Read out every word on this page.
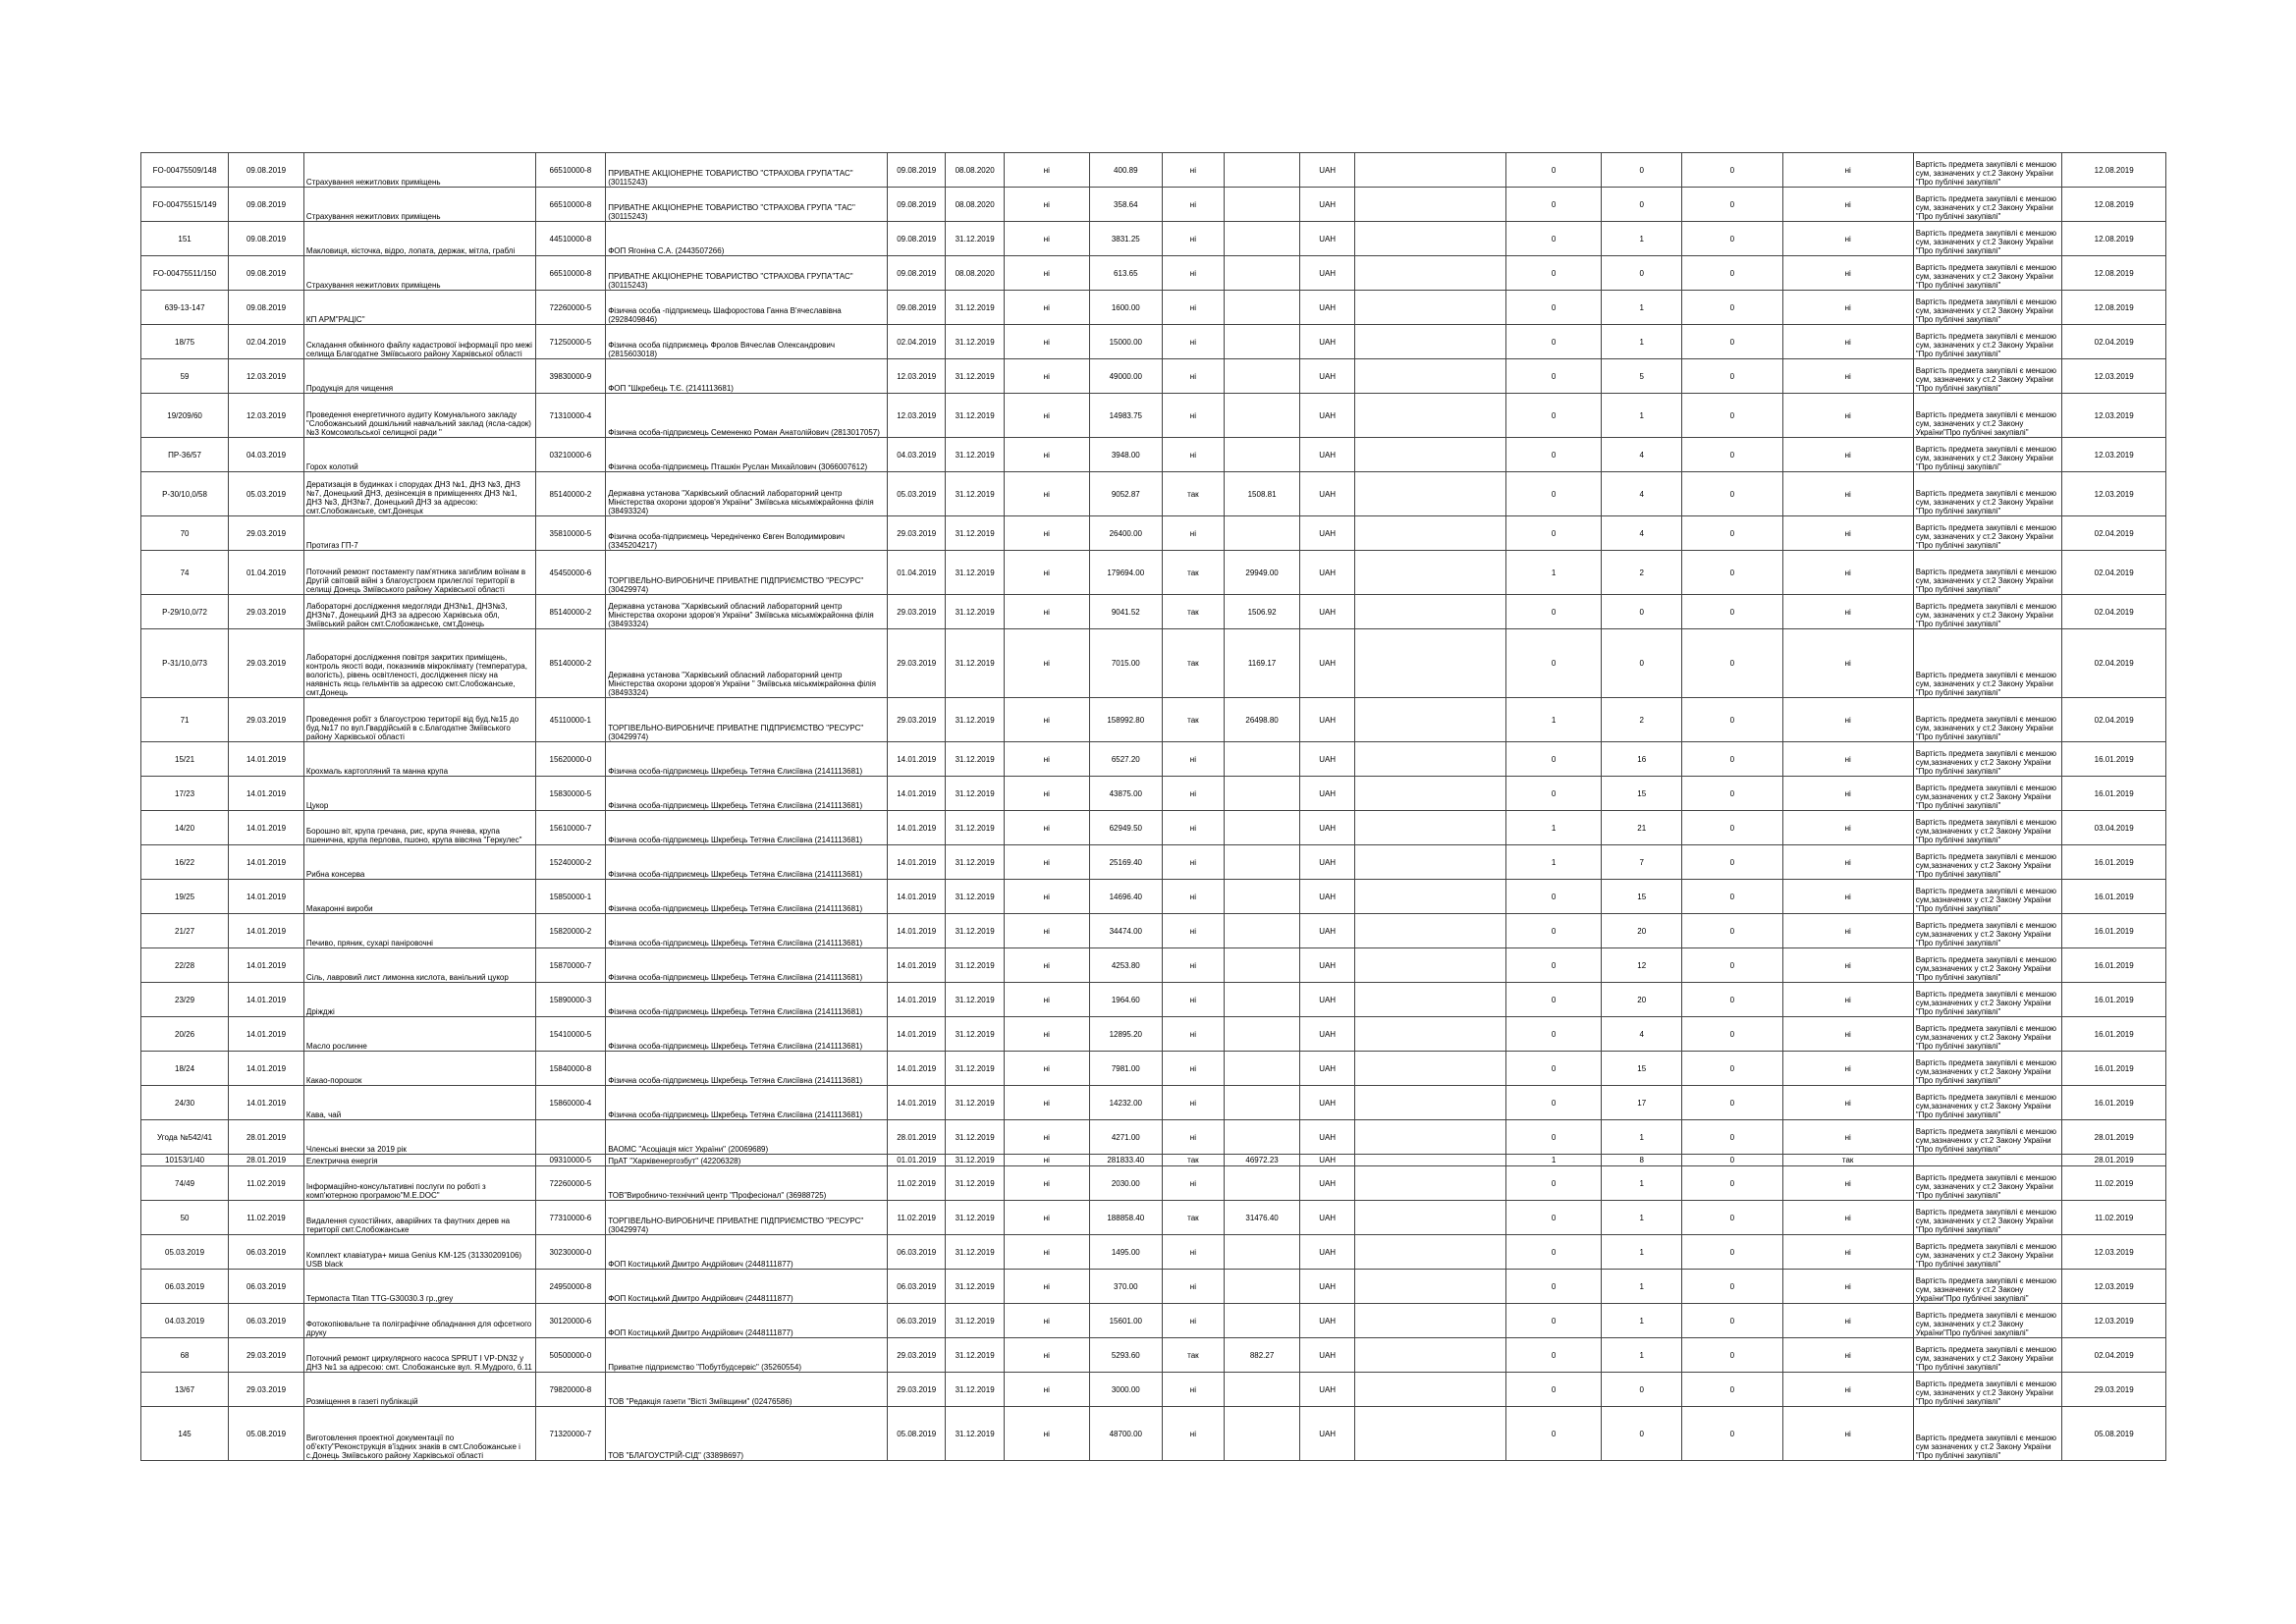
FO-00475509/148	09.08.2019	Страхування нежитлових приміщень	66510000-8	ПРИВАТНЕ АКЦІОНЕРНЕ ТОВАРИСТВО "СТРАХОВА ГРУПА"ТАС" (30115243)	09.08.2019	08.08.2020	ні	400.89	ні		UAH		0	0	0	ні	Вартість предмета закупівлі є меншою сум, зазначених у ст.2 Закону України "Про публічні закупівлі"	12.08.2019
FO-00475515/149	09.08.2019	Страхування нежитлових приміщень	66510000-8	ПРИВАТНЕ АКЦІОНЕРНЕ ТОВАРИСТВО "СТРАХОВА ГРУПА "ТАС" (30115243)	09.08.2019	08.08.2020	ні	358.64	ні		UAH		0	0	0	ні	Вартість предмета закупівлі є меншою сум, зазначених у ст.2 Закону України "Про публічні закупівлі"	12.08.2019
151	09.08.2019	Мaкловиця, кісточка, відро, лопата, держак, мітла, граблі	44510000-8	ФОП Ягоніна С.А. (2443507266)	09.08.2019	31.12.2019	ні	3831.25	ні		UAH		0	1	0	ні	Вартість предмета закупівлі є меншою сум, зазначених у ст.2 Закону України "Про публічні закупівлі"	12.08.2019
FO-00475511/150	09.08.2019	Страхування нежитлових приміщень	66510000-8	ПРИВАТНЕ АКЦІОНЕРНЕ ТОВАРИСТВО "СТРАХОВА ГРУПА"ТАС" (30115243)	09.08.2019	08.08.2020	ні	613.65	ні		UAH		0	0	0	ні	Вартість предмета закупівлі є меншою сум, зазначених у ст.2 Закону України "Про публічні закупівлі"	12.08.2019
639-13-147	09.08.2019	КП АРМ"РАЦІС"	72260000-5	Фізична особа -підприємець Шафоростова Ганна В'ячеславівна (2928409846)	09.08.2019	31.12.2019	ні	1600.00	ні		UAH		0	1	0	ні	Вартість предмета закупівлі є меншою сум, зазначених у ст.2 Закону України "Про публічні закупівлі"	12.08.2019
18/75	02.04.2019	Складання обмінного файлу кадастрової інформації про межі селища Благодатне Зміївського району Харківської області	71250000-5	Фізична особа підприємець Фролов Вячеслав Олександрович (2815603018)	02.04.2019	31.12.2019	ні	15000.00	ні		UAH		0	1	0	ні	Вартість предмета закупівлі є меншою сум, зазначених у ст.2 Закону України "Про публічні закупівлі"	02.04.2019
59	12.03.2019	Продукція для чищення	39830000-9	ФОП "Шкребець Т.Є. (2141113681)	12.03.2019	31.12.2019	ні	49000.00	ні		UAH		0	5	0	ні	Вартість предмета закупівлі є меншою сум, зазначених у ст.2 Закону України "Про публічні закупівлі"	12.03.2019
19/209/60	12.03.2019	Проведення енергетичного аудиту Комунального закладу "Слобожанський дошкільний навчальний заклад (ясла-садок) №3 Комсомольської селищної ради "	71310000-4	Фізична особа-підприємець Семененко Роман Анатолійович (2813017057)	12.03.2019	31.12.2019	ні	14983.75	ні		UAH		0	1	0	ні	Вартість предмета закупівлі є меншою сум, зазначених у ст.2 Закону України"Про публічні закупівлі"	12.03.2019
ПР-36/57	04.03.2019	Горох колотий	03210000-6	Фізична особа-підприємець Пташкін Руслан Михайлович (3066007612)	04.03.2019	31.12.2019	ні	3948.00	ні		UAH		0	4	0	ні	Вартість предмета закупівлі є меншою сум, зазначених у ст.2 Закону України "Про публінці закупівлі"	12.03.2019
Р-30/10,0/58	05.03.2019	Дератизація в будинках і спорудах ДНЗ №1, ДНЗ №3, ДНЗ №7, Донецький ДНЗ, дезінсекція в приміщеннях ДНЗ №1, ДНЗ №3, ДНЗ№7, Донецький ДНЗ за адресою: смт.Слобожанське, смт.Донецьк	85140000-2	Державна установа "Харківський обласний лабораторний центр Міністерства охорони здоров'я України" Зміївська міськміжрайонна філія (38493324)	05.03.2019	31.12.2019	ні	9052.87	так	1508.81	UAH		0	4	0	ні	Вартість предмета закупівлі є меншою сум, зазначених у ст.2 Закону України "Про публічні закупівлі"	12.03.2019
70	29.03.2019	Протигаз ГП-7	35810000-5	Фізична особа-підприємець Чередніченко Євген Володимирович (3345204217)	29.03.2019	31.12.2019	ні	26400.00	ні		UAH		0	4	0	ні	Вартість предмета закупівлі є меншою сум, зазначених у ст.2 Закону України "Про публічні закупівлі"	02.04.2019
74	01.04.2019	Поточний ремонт постаменту пам'ятника загиблим воїнам в Другій світовій війні з благоустроєм прилеглої території в селищі Донець Зміївського району Харківської області	45450000-6	ТОРГІВЕЛЬНО-ВИРОБНИЧЕ ПРИВАТНЕ ПІДПРИЄМСТВО "РЕСУРС" (30429974)	01.04.2019	31.12.2019	ні	179694.00	так	29949.00	UAH		1	2	0	ні	Вартість предмета закупівлі є меншою сум, зазначених у ст.2 Закону України "Про публічні закупівлі"	02.04.2019
Р-29/10,0/72	29.03.2019	Лабораторні дослідження медогляди ДНЗ№1, ДНЗ№3, ДНЗ№7, Донецький ДНЗ за адресою Харківська обл, Зміївський район смт.Слобожанське, смт.Донець	85140000-2	Державна установа "Харківський обласний лабораторний центр Міністерства охорони здоров'я України" Зміївська міськміжрайонна філія (38493324)	29.03.2019	31.12.2019	ні	9041.52	так	1506.92	UAH		0	0	0	ні	Вартість предмета закупівлі є меншою сум, зазначених у ст.2 Закону України "Про публічні закупівлі"	02.04.2019
Р-31/10,0/73	29.03.2019	Лабораторні дослідження повітря закритих приміщень, контроль якості води, показників мікроклімату (температура, вологість), рівень освітленості, дослідження піску на наявність яєць гельмінтів за адресою смт.Слобожанське, смт.Донець	85140000-2	Державна установа "Харківський обласний лабораторний центр Міністерства охорони здоров'я України " Зміївська міськміжрайонна філія (38493324)	29.03.2019	31.12.2019	ні	7015.00	так	1169.17	UAH		0	0	0	ні	Вартість предмета закупівлі є меншою сум, зазначених у ст.2 Закону України "Про публічні закупівлі"	02.04.2019
71	29.03.2019	Проведення робіт з благоустрою території від буд.№15 до буд.№17 по вул.Гвардійській в с.Благодатне Зміївського району Харківської області	45110000-1	ТОРГІВЕЛЬНО-ВИРОБНИЧЕ ПРИВАТНЕ ПІДПРИЄМСТВО "РЕСУРС" (30429974)	29.03.2019	31.12.2019	ні	158992.80	так	26498.80	UAH		1	2	0	ні	Вартість предмета закупівлі є меншою сум, зазначених у ст.2 Закону України "Про публічні закупівлі"	02.04.2019
15/21	14.01.2019	Крохмаль картопляний та манна крупа	15620000-0	Фізична особа-підприємець Шкребець Тетяна Єлисіївна (2141113681)	14.01.2019	31.12.2019	ні	6527.20	ні		UAH		0	16	0	ні	Вартість предмета закупівлі є меншою сум,зазначених у ст.2 Закону України "Про публічні закупівлі"	16.01.2019
17/23	14.01.2019	Цукор	15830000-5	Фізична особа-підприємець Шкребець Тетяна Єлисіївна (2141113681)	14.01.2019	31.12.2019	ні	43875.00	ні		UAH		0	15	0	ні	Вартість предмета закупівлі є меншою сум,зазначених у ст.2 Закону України "Про публічні закупівлі"	16.01.2019
14/20	14.01.2019	Борошно віт, крупа гречана, рис, крупа ячнева, крупа пшенична, крупа перлова, пшоно, крупа вівсяна "Геркулес"	15610000-7	Фізична особа-підприємець Шкребець Тетяна Єлисіївна (2141113681)	14.01.2019	31.12.2019	ні	62949.50	ні		UAH		1	21	0	ні	Вартість предмета закупівлі є меншою сум,зазначених у ст.2 Закону України "Про публічні закупівлі"	03.04.2019
16/22	14.01.2019	Рибна консерва	15240000-2	Фізична особа-підприємець Шкребець Тетяна Єлисіївна (2141113681)	14.01.2019	31.12.2019	ні	25169.40	ні		UAH		1	7	0	ні	Вартість предмета закупівлі є меншою сум,зазначених у ст.2 Закону України "Про публічні закупівлі"	16.01.2019
19/25	14.01.2019	Макаронні вироби	15850000-1	Фізична особа-підприємець Шкребець Тетяна Єлисіївна (2141113681)	14.01.2019	31.12.2019	ні	14696.40	ні		UAH		0	15	0	ні	Вартість предмета закупівлі є меншою сум,зазначених у ст.2 Закону України "Про публічні закупівлі"	16.01.2019
21/27	14.01.2019	Печиво, пряник, сухарі паніровочні	15820000-2	Фізична особа-підприємець Шкребець Тетяна Єлисіївна (2141113681)	14.01.2019	31.12.2019	ні	34474.00	ні		UAH		0	20	0	ні	Вартість предмета закупівлі є меншою сум,зазначених у ст.2 Закону України "Про публічні закупівлі"	16.01.2019
22/28	14.01.2019	Сіль, лавровий лист лимонна кислота, ванільний цукор	15870000-7	Фізична особа-підприємець Шкребець Тетяна Єлисіївна (2141113681)	14.01.2019	31.12.2019	ні	4253.80	ні		UAH		0	12	0	ні	Вартість предмета закупівлі є меншою сум,зазначених у ст.2 Закону України "Про публічні закупівлі"	16.01.2019
23/29	14.01.2019	Дріжджі	15890000-3	Фізична особа-підприємець Шкребець Тетяна Єлисіївна (2141113681)	14.01.2019	31.12.2019	ні	1964.60	ні		UAH		0	20	0	ні	Вартість предмета закупівлі є меншою сум,зазначених у ст.2 Закону України "Про публічні закупівлі"	16.01.2019
20/26	14.01.2019	Масло рослинне	15410000-5	Фізична особа-підприємець Шкребець Тетяна Єлисіївна (2141113681)	14.01.2019	31.12.2019	ні	12895.20	ні		UAH		0	4	0	ні	Вартість предмета закупівлі є меншою сум,зазначених у ст.2 Закону України "Про публічні закупівлі"	16.01.2019
18/24	14.01.2019	Какао-порошок	15840000-8	Фізична особа-підприємець Шкребець Тетяна Єлисіївна (2141113681)	14.01.2019	31.12.2019	ні	7981.00	ні		UAH		0	15	0	ні	Вартість предмета закупівлі є меншою сум,зазначених у ст.2 Закону України "Про публічні закупівлі"	16.01.2019
24/30	14.01.2019	Кава, чай	15860000-4	Фізична особа-підприємець Шкребець Тетяна Єлисіївна (2141113681)	14.01.2019	31.12.2019	ні	14232.00	ні		UAH		0	17	0	ні	Вартість предмета закупівлі є меншою сум,зазначених у ст.2 Закону України "Про публічні закупівлі"	16.01.2019
Угода №542/41	28.01.2019	Членські внески за 2019 рік		ВАОМС "Асоціація міст України" (20069689)	28.01.2019	31.12.2019	ні	4271.00	ні		UAH		0	1	0	ні	Вартість предмета закупівлі є меншою сум,зазначених у ст.2 Закону України "Про публічні закупівлі"	28.01.2019
10153/1/40	28.01.2019	Електрична енергія	09310000-5	ПрАТ "Харківенергозбут" (42206328)	01.01.2019	31.12.2019	ні	281833.40	так	46972.23	UAH		1	8	0	так		28.01.2019
74/49	11.02.2019	Інформаційно-консультативні послуги по роботі з комп'ютерною програмою"M.E.DOC"	72260000-5	ТОВ"Виробничо-технічний центр "Професіонал" (36988725)	11.02.2019	31.12.2019	ні	2030.00	ні		UAH		0	1	0	ні	Вартість предмета закупівлі є меншою сум, зазначених у ст.2 Закону України "Про публічні закупівлі"	11.02.2019
50	11.02.2019	Видалення сухостійних, аварійних та фаутних дерев на території смт.Слобожанське	77310000-6	ТОРГІВЕЛЬНО-ВИРОБНИЧЕ ПРИВАТНЕ ПІДПРИЄМСТВО "РЕСУРС" (30429974)	11.02.2019	31.12.2019	ні	188858.40	так	31476.40	UAH		0	1	0	ні	Вартість предмета закупівлі є меншою сум, зазначених у ст.2 Закону України "Про публічні закупівлі"	11.02.2019
05.03.2019	06.03.2019	Комплект клавіатура+ миша Genius KM-125 (31330209106) USB black	30230000-0	ФОП Костицький Дмитро Андрійович (2448111877)	06.03.2019	31.12.2019	ні	1495.00	ні		UAH		0	1	0	ні	Вартість предмета закупівлі є меншою сум, зазначених у ст.2 Закону України "Про публічні закупівлі"	12.03.2019
06.03.2019	06.03.2019	Термопаста Titan TTG-G30030.3 гр.,grey	24950000-8	ФОП Костицький Дмитро Андрійович (2448111877)	06.03.2019	31.12.2019	ні	370.00	ні		UAH		0	1	0	ні	Вартість предмета закупівлі є меншою сум, зазначених у ст.2 Закону України"Про публічні закупівлі"	12.03.2019
04.03.2019	06.03.2019	Фотокопіювальне та поліграфічне обладнання для офсетного друку	30120000-6	ФОП Костицький Дмитро Андрійович (2448111877)	06.03.2019	31.12.2019	ні	15601.00	ні		UAH		0	1	0	ні	Вартість предмета закупівлі є меншою сум, зазначених у ст.2 Закону України"Про публічні закупівлі"	12.03.2019
68	29.03.2019	Поточний ремонт циркулярного насоса SPRUT I VP-DN32 у ДНЗ №1 за адресою: смт. Слобожанське вул. Я.Мудрого, б.11	50500000-0	Приватне підприємство "Побутбудсервіс" (35260554)	29.03.2019	31.12.2019	ні	5293.60	так	882.27	UAH		0	1	0	ні	Вартість предмета закупівлі є меншою сум, зазначених у ст.2 Закону України "Про публічні закупівлі"	02.04.2019
13/67	29.03.2019	Розміщення в газеті публікацій	79820000-8	ТОВ "Редакція газети "Вісті Зміївщини" (02476586)	29.03.2019	31.12.2019	ні	3000.00	ні		UAH		0	0	0	ні	Вартість предмета закупівлі є меншою сум, зазначених у ст.2 Закону України "Про публічні закупівлі"	29.03.2019
145	05.08.2019	Виготовлення проектної документації по об'єкту"Реконструкція в'їздних знаків в смт.Слобожанське і с.Донець Зміївського району Харківської області	71320000-7	ТОВ "БЛАГОУСТРІЙ-СІД" (33898697)	05.08.2019	31.12.2019	ні	48700.00	ні		UAH		0	0	0	ні	Вартість предмета закупівлі є меншою сум зазначених у ст.2 Закону України "Про публічні закупівлі"	05.08.2019
